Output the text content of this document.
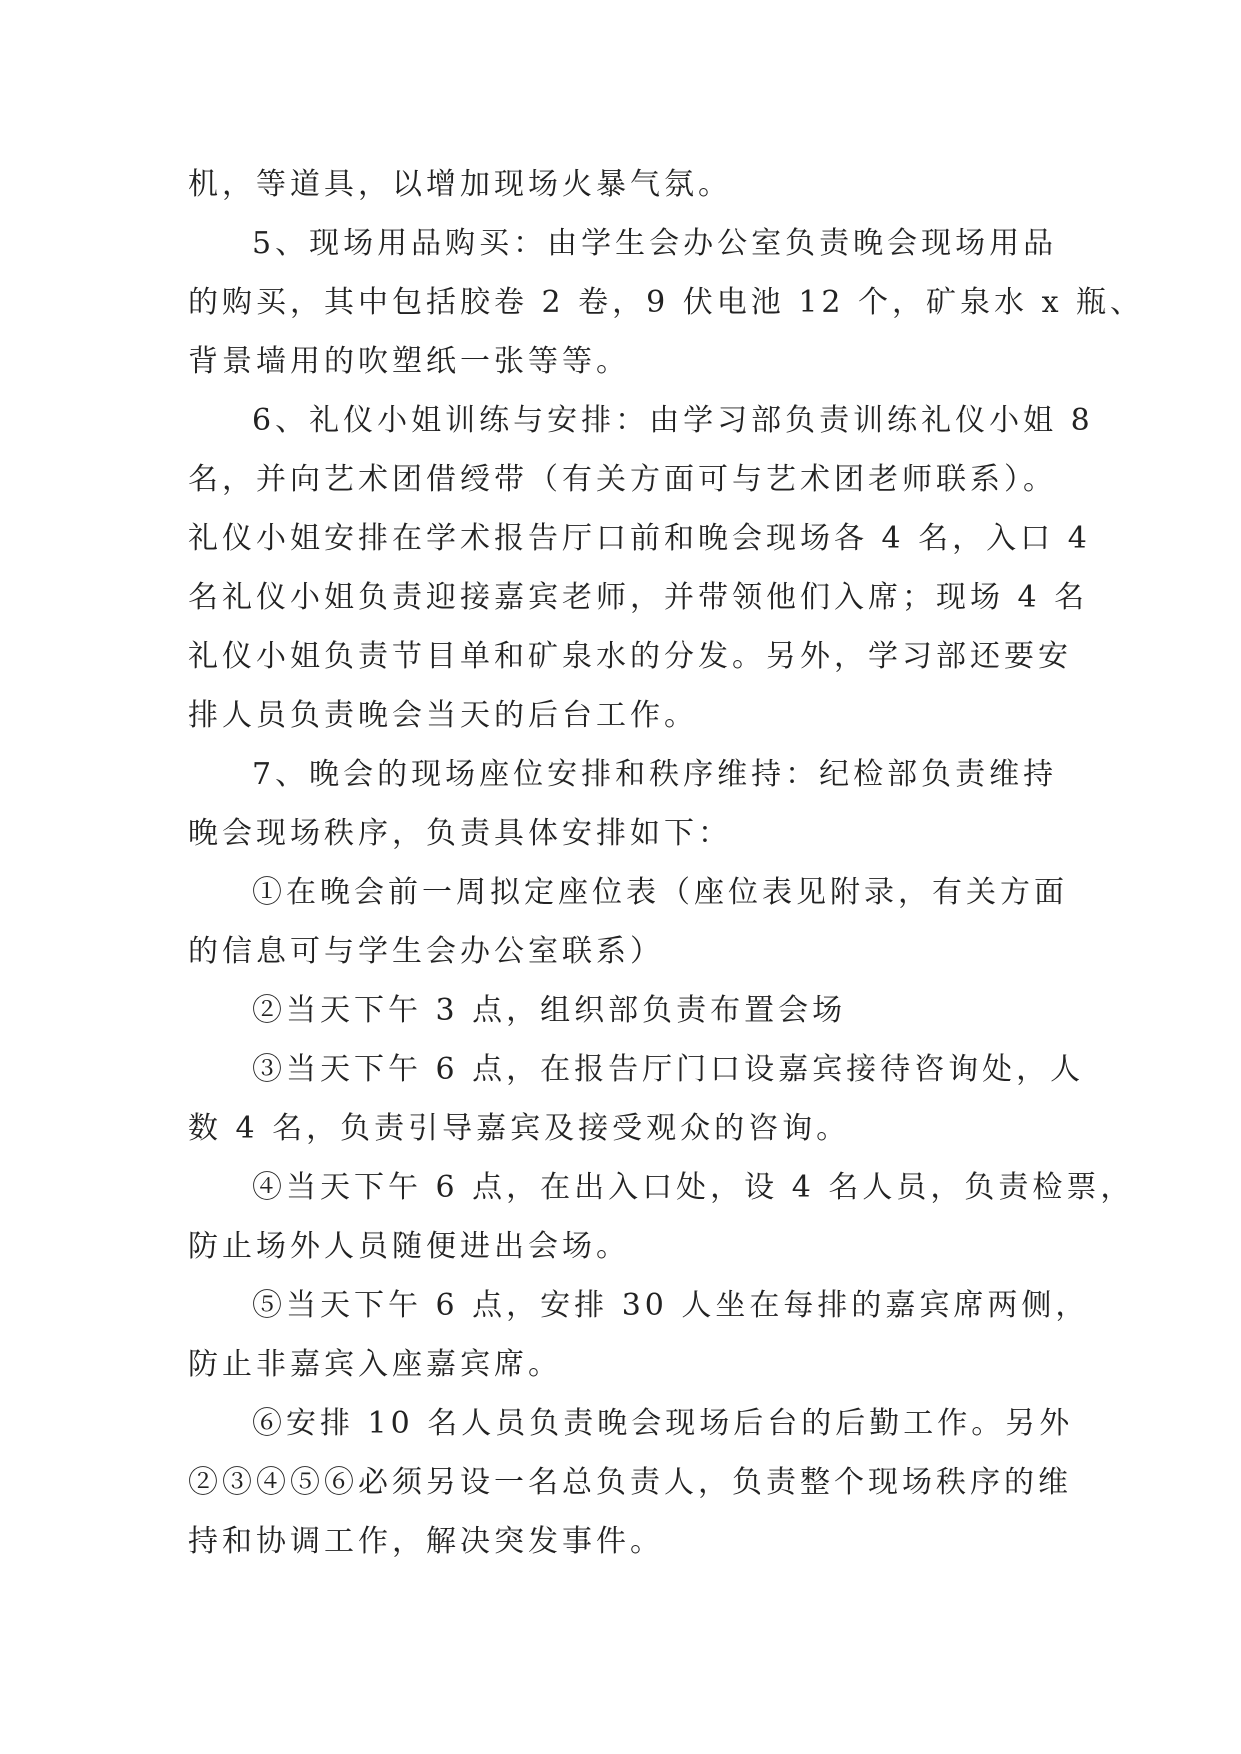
机，等道具，以增加现场火暴气氛。
5、现场用品购买：由学生会办公室负责晚会现场用品
的购买，其中包括胶卷 2 卷，9 伏电池 12 个，矿泉水 x 瓶、
背景墙用的吹塑纸一张等等。
6、礼仪小姐训练与安排：由学习部负责训练礼仪小姐 8
名，并向艺术团借绶带（有关方面可与艺术团老师联系）。
礼仪小姐安排在学术报告厅口前和晚会现场各 4 名，入口 4
名礼仪小姐负责迎接嘉宾老师，并带领他们入席；现场 4 名
礼仪小姐负责节目单和矿泉水的分发。另外，学习部还要安
排人员负责晚会当天的后台工作。
7、晚会的现场座位安排和秩序维持：纪检部负责维持
晚会现场秩序，负责具体安排如下：
①在晚会前一周拟定座位表（座位表见附录，有关方面
的信息可与学生会办公室联系）
②当天下午 3 点，组织部负责布置会场
③当天下午 6 点，在报告厅门口设嘉宾接待咨询处，人
数 4 名，负责引导嘉宾及接受观众的咨询。
④当天下午 6 点，在出入口处，设 4 名人员，负责检票，
防止场外人员随便进出会场。
⑤当天下午 6 点，安排 30 人坐在每排的嘉宾席两侧，
防止非嘉宾入座嘉宾席。
⑥安排 10 名人员负责晚会现场后台的后勤工作。另外
②③④⑤⑥必须另设一名总负责人，负责整个现场秩序的维
持和协调工作，解决突发事件。
